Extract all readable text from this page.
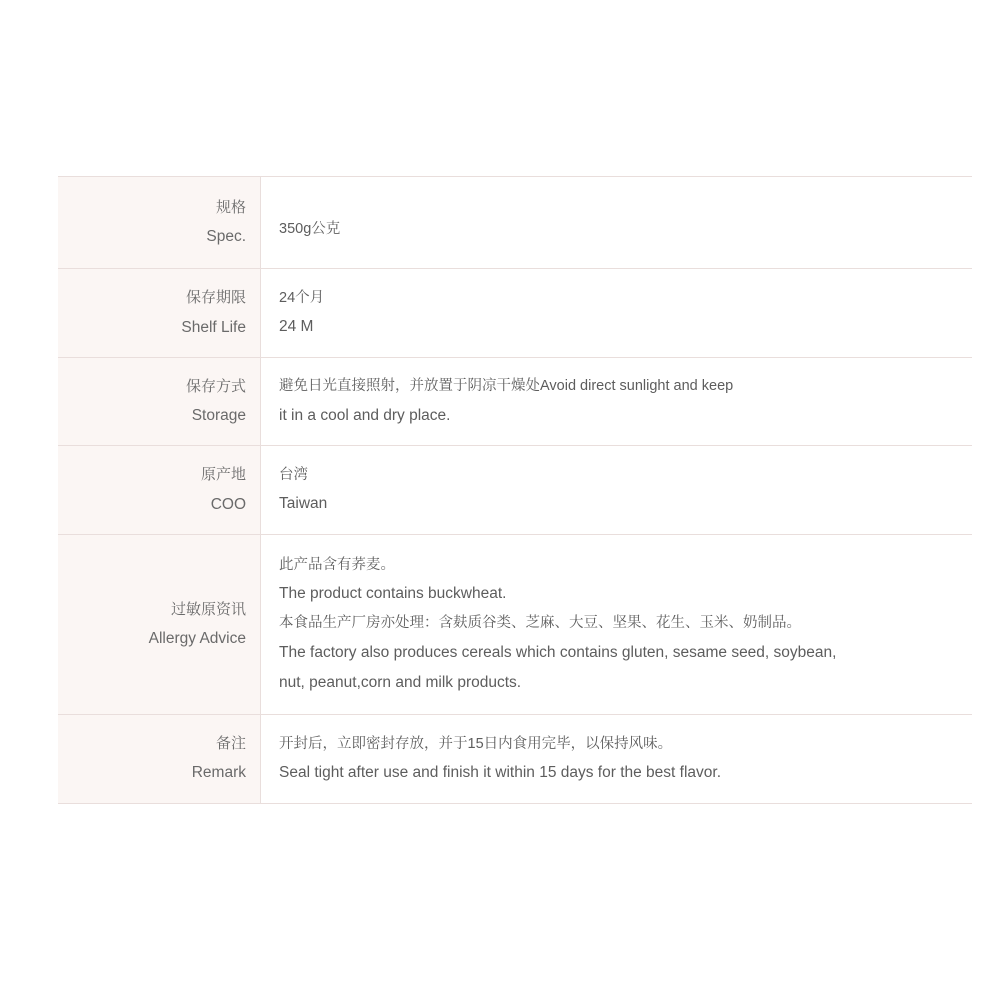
规格
Spec.	350g公克

保存期限
Shelf Life	24个月
24 M

保存方式
Storage	避免日光直接照射，并放置于阴凉干燥处Avoid direct sunlight and keep
it in a cool and dry place.

原产地
COO	台湾
Taiwan

过敏原资讯
Allergy Advice	此产品含有荞麦。
The product contains buckwheat.
本食品生产厂房亦处理：含麸质谷类、芝麻、大豆、坚果、花生、玉米、奶制品。
The factory also produces cereals which contains gluten, sesame seed, soybean,
nut, peanut,corn and milk products.

备注
Remark	开封后，立即密封存放，并于15日内食用完毕，以保持风味。
Seal tight after use and finish it within 15 days for the best flavor.
